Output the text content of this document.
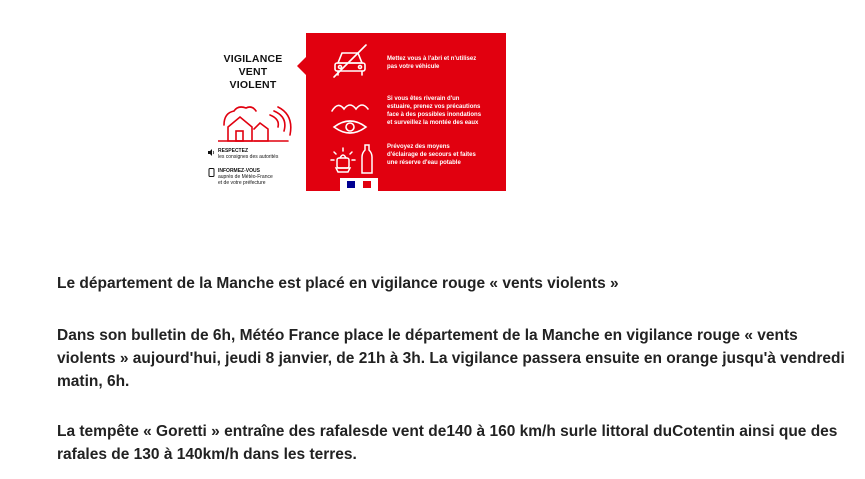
VIGILANCE
VENT
VIOLENT
RESPECTEZ
les consignes des autorités
INFORMEZ-VOUS
auprès de Météo-France
et de votre préfecture
Mettez vous à l'abri et n'utilisez
pas votre véhicule
Si vous êtes riverain d'un
estuaire, prenez vos précautions
face à des possibles inondations
et surveillez la montée des eaux
Prévoyez des moyens
d'éclairage de secours et faites
une réserve d'eau potable

Le département de la Manche est placé en vigilance rouge « vents violents »

Dans son bulletin de 6h, Météo France place le département de la Manche en vigilance rouge « vents violents » aujourd'hui, jeudi 8 janvier, de 21h à 3h. La vigilance passera ensuite en orange jusqu'à vendredi matin, 6h.

La tempête « Goretti » entraîne des rafalesde vent de140 à 160 km/h surle littoral duCotentin ainsi que des rafales de 130 à 140km/h dans les terres.
